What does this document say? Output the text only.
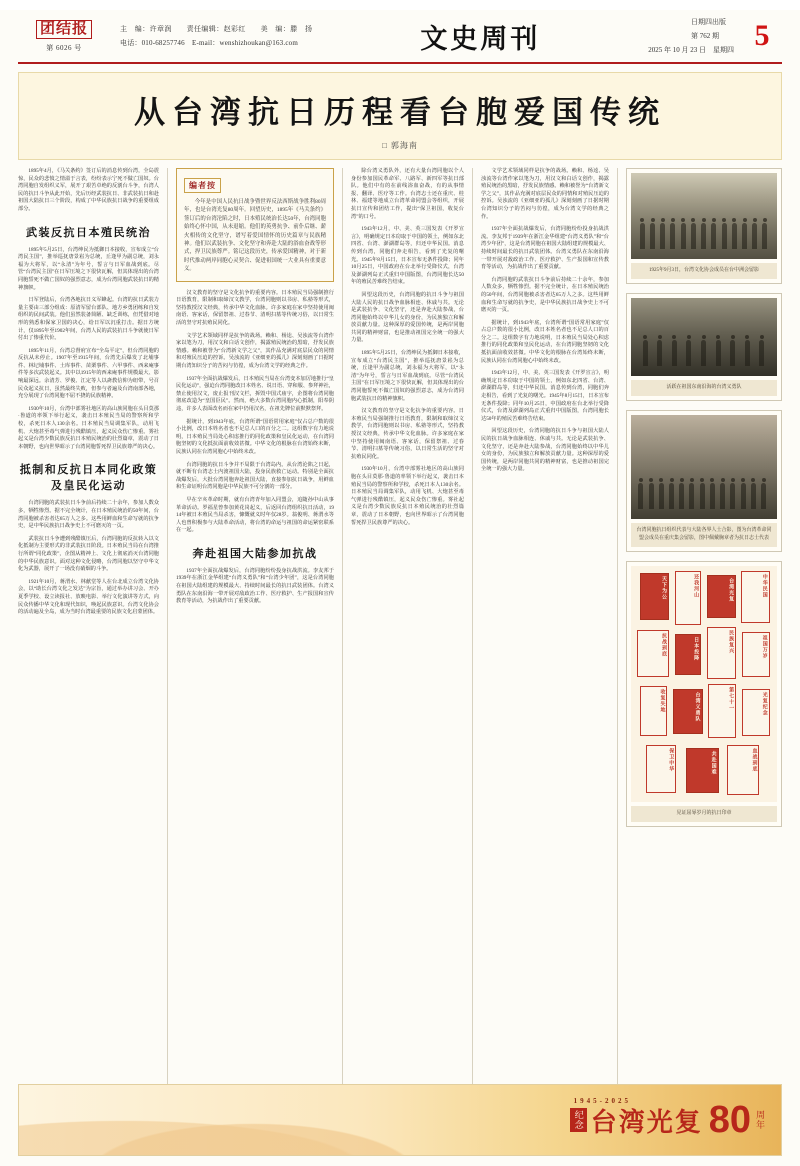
团结报
第 6026 号
主　编：许章润　　责任编辑：赵彩红　　美　编：滕　扬
电话：010-68257746　E-mail：wenshizhoukan@163.com	文史周刊
日期四出版
第 762 期
2025 年 10 月 23 日　星期四 5
从台湾抗日历程看台胞爱国传统
□ 郭海南

1895年4月，《马关条约》签订后的消息传到台湾，全岛震惊，民众的悲愤之情溢于言表，纷纷表示宁死不做亡国奴。台湾同胞自发组织义军，展开了艰苦卓绝的反割台斗争，台湾人民的抗日斗争从此开始，先后历经武装抗日、非武装抗日和赴祖国大陆抗日三个阶段，构成了中华民族抗日战争的重要组成部分。

武装反抗日本殖民统治

1895年5月25日，台湾绅民为抵御日本接收，宣布成立“台湾民主国”，推举巡抚唐景崧为总统，丘逢甲为副总统，刘永福为大将军，以“永清”为年号，誓言与日军血战到底。尽管“台湾民主国”在日军压境之下很快瓦解，但其体现出的台湾同胞誓死不做亡国奴的强烈意志，成为台湾同胞武装抗日的精神旗帜。

日军登陆后，台湾各地抗日义军蜂起。台湾的抗日武装力量主要由三部分组成：原清军留台部队、地方乡勇团练和自发组织的民间武装。他们虽然装备简陋、缺乏训练，但凭借对地形的熟悉和保家卫国的决心，给日军以沉重打击。据日方统计，仅1895年至1902年间，台湾人民的武装抗日斗争就使日军付出了惨重代价。

1895年11月，台湾总督府宣布“全岛平定”，但台湾同胞的反抗从未停止。1907年至1915年间，台湾先后爆发了北埔事件、林圮埔事件、土库事件、苗栗事件、六甲事件、西来庵事件等多次武装起义。其中以1915年的西来庵事件规模最大、影响最深远。余清芳、罗俊、江定等人以斋教信仰为纽带，号召民众起义抗日，虽然最终失败，但参与者遍及台湾南部各地，充分展现了台湾同胞不屈不挠的民族精神。

1930年10月，台湾中部雾社地区的高山族同胞在头目莫那·鲁道的率领下举行起义，袭击日本殖民当局的警察所和学校，杀死日本人130余名。日本殖民当局调集军队，动用飞机、大炮甚至毒气弹进行残酷镇压，起义民众伤亡惨重。雾社起义是台湾少数民族反抗日本殖民统治的壮烈篇章，震动了日本朝野，也向世界昭示了台湾同胞誓死捍卫民族尊严的决心。

抵制和反抗日本同化政策及皇民化运动

台湾同胞的武装抗日斗争前后持续二十余年，参加人数众多，牺牲惨烈。据不完全统计，在日本殖民统治的50年间，台湾同胞被杀害者达65万人之多。这些用鲜血和生命写就的抗争史，是中华民族抗日战争史上不可磨灭的一页。

武装抗日斗争遭到残酷镇压后，台湾同胞的反抗转入以文化抵制为主要形式的非武装抗日阶段。日本殖民当局在台湾推行所谓“同化政策”，企图从精神上、文化上彻底消灭台湾同胞的中华民族意识。面对这种文化侵略，台湾同胞以坚守中华文化为武器，展开了一场没有硝烟的斗争。

1921年10月，蒋渭水、林献堂等人在台北成立台湾文化协会，以“助长台湾文化之发达”为宗旨，通过举办讲习会、开办夏季学校、设立读报社、放映电影、举行文化演讲等方式，向民众传播中华文化和现代知识，唤起民族意识。台湾文化协会的活动遍及全岛，成为当时台湾最重要的民族文化启蒙团体。

编者按
今年是中国人民抗日战争暨世界反法西斯战争胜利80周年，也是台湾光复80周年。回望历史，1895年《马关条约》签订后的台湾沦陷之时，日本殖民统治长达50年，台湾同胞始终心怀中国，从未退缩。他们的英勇抗争、前仆后继、薪火相传的文化坚守，谱写着爱国情怀的历史篇章与民族精神。他们以武装抗争、文化坚守和奔赴大陆的浴血奋战等形式，捍卫民族尊严。铭记这段历史，传承爱国精神，对于新时代推动两岸同胞心灵契合、促进祖国统一大业具有重要意义。

汉文教育的坚守是文化抗争的重要内容。日本殖民当局强制推行日语教育，限制和取缔汉文教学，台湾同胞则以书房、私塾等形式，坚持教授汉文经典，传承中华文化血脉。许多家庭在家中坚持使用闽南语、客家话，保留祭祖、过春节、清明扫墓等传统习俗，以日常生活的坚守对抗殖民同化。

文学艺术领域同样是抗争的战场。赖和、杨逵、吴浊流等台湾作家以笔为刀，用汉文和白话文创作，揭露殖民统治的黑暗，抒发民族情感。赖和被誉为“台湾新文学之父”，其作品充满对底层民众的同情和对殖民压迫的控诉。吴浊流的《亚细亚的孤儿》深刻刻画了日据时期台湾知识分子的苦闷与彷徨，成为台湾文学的经典之作。

1937年全面抗战爆发后，日本殖民当局在台湾变本加厉地推行“皇民化运动”，强迫台湾同胞改日本姓名、说日语、穿和服、参拜神社，禁止使用汉文，废止报刊汉文栏，拆毁中国式庙宇，企图将台湾同胞彻底改造为“皇国臣民”。然而，绝大多数台湾同胞内心抵制，阳奉阴违，许多人表面改名而在家中仍用汉名，在祖先牌位前默默祭拜。

据统计，到1943年底，台湾所谓“国语常用家庭”仅占总户数的很小比例，改日本姓名者也不足总人口的百分之二。这组数字有力地说明，日本殖民当局处心积虑推行的同化政策和皇民化运动，在台湾同胞坚韧的文化抵抗面前收效甚微。中华文化的根脉在台湾始终未断，民族认同在台湾同胞心中始终未改。

台湾同胞的抗日斗争并不局限于台湾岛内。从台湾沦陷之日起，就不断有台湾志士内渡祖国大陆，投身民族救亡运动。特别是全面抗战爆发后，大批台湾同胞奔赴祖国大陆，直接参加抗日战争，用鲜血和生命证明台湾同胞是中华民族不可分割的一部分。

早在辛亥革命时期，就有台湾青年加入同盟会，追随孙中山从事革命活动。罗福星曾参加黄花岗起义，后返回台湾组织抗日活动，1914年被日本殖民当局杀害，慷慨就义时年仅28岁。翁俊明、蒋渭水等人也曾积极参与大陆革命活动，将台湾的命运与祖国的命运紧密联系在一起。

奔赴祖国大陆参加抗战

1937年全面抗战爆发后，台湾同胞纷纷投身抗战洪流。李友邦于1939年在浙江金华组建“台湾义勇队”和“台湾少年团”，这是台湾同胞在祖国大陆组建的规模最大、持续时间最长的抗日武装团体。台湾义勇队在东南沿海一带开展对敌政治工作、医疗救护、生产报国和宣传教育等活动，为抗战作出了重要贡献。

除台湾义勇队外，还有大量台湾同胞以个人身份参加国民革命军、八路军、新四军等抗日部队。他们中有的在前线浴血奋战，有的从事情报、翻译、医疗等工作。台湾志士还在重庆、桂林、福建等地成立台湾革命同盟会等组织，开展抗日宣传和团结工作，提出“保卫祖国，收复台湾”的口号。

1943年12月，中、美、英三国发表《开罗宣言》，明确规定日本窃取于中国的领土，例如东北四省、台湾、澎湖群岛等，归还中华民国。消息传到台湾，同胞们奔走相告，看到了光复的曙光。1945年8月15日，日本宣布无条件投降；同年10月25日，中国政府在台北举行受降仪式，台湾及澎湖列岛正式重归中国版图，台湾同胞长达50年的殖民苦难终告结束。

回望这段历史，台湾同胞的抗日斗争与祖国大陆人民的抗日战争血脉相连、休戚与共。无论是武装抗争、文化坚守，还是奔赴大陆参战，台湾同胞始终以中华儿女的身份，为民族独立和解放贡献力量。这种深厚的爱国传统，是两岸同胞共同的精神财富，也是推动祖国完全统一的强大力量。

1895年5月25日，台湾绅民为抵御日本接收，宣布成立“台湾民主国”，推举巡抚唐景崧为总统，丘逢甲为副总统，刘永福为大将军，以“永清”为年号，誓言与日军血战到底。尽管“台湾民主国”在日军压境之下很快瓦解，但其体现出的台湾同胞誓死不做亡国奴的强烈意志，成为台湾同胞武装抗日的精神旗帜。

汉文教育的坚守是文化抗争的重要内容。日本殖民当局强制推行日语教育，限制和取缔汉文教学，台湾同胞则以书房、私塾等形式，坚持教授汉文经典，传承中华文化血脉。许多家庭在家中坚持使用闽南语、客家话，保留祭祖、过春节、清明扫墓等传统习俗，以日常生活的坚守对抗殖民同化。

1930年10月，台湾中部雾社地区的高山族同胞在头目莫那·鲁道的率领下举行起义，袭击日本殖民当局的警察所和学校，杀死日本人130余名。日本殖民当局调集军队，动用飞机、大炮甚至毒气弹进行残酷镇压，起义民众伤亡惨重。雾社起义是台湾少数民族反抗日本殖民统治的壮烈篇章，震动了日本朝野，也向世界昭示了台湾同胞誓死捍卫民族尊严的决心。

文学艺术领域同样是抗争的战场。赖和、杨逵、吴浊流等台湾作家以笔为刀，用汉文和白话文创作，揭露殖民统治的黑暗，抒发民族情感。赖和被誉为“台湾新文学之父”，其作品充满对底层民众的同情和对殖民压迫的控诉。吴浊流的《亚细亚的孤儿》深刻刻画了日据时期台湾知识分子的苦闷与彷徨，成为台湾文学的经典之作。

1937年全面抗战爆发后，台湾同胞纷纷投身抗战洪流。李友邦于1939年在浙江金华组建“台湾义勇队”和“台湾少年团”，这是台湾同胞在祖国大陆组建的规模最大、持续时间最长的抗日武装团体。台湾义勇队在东南沿海一带开展对敌政治工作、医疗救护、生产报国和宣传教育等活动，为抗战作出了重要贡献。

台湾同胞的武装抗日斗争前后持续二十余年，参加人数众多，牺牲惨烈。据不完全统计，在日本殖民统治的50年间，台湾同胞被杀害者达65万人之多。这些用鲜血和生命写就的抗争史，是中华民族抗日战争史上不可磨灭的一页。

据统计，到1943年底，台湾所谓“国语常用家庭”仅占总户数的很小比例，改日本姓名者也不足总人口的百分之二。这组数字有力地说明，日本殖民当局处心积虑推行的同化政策和皇民化运动，在台湾同胞坚韧的文化抵抗面前收效甚微。中华文化的根脉在台湾始终未断，民族认同在台湾同胞心中始终未改。

1943年12月，中、美、英三国发表《开罗宣言》，明确规定日本窃取于中国的领土，例如东北四省、台湾、澎湖群岛等，归还中华民国。消息传到台湾，同胞们奔走相告，看到了光复的曙光。1945年8月15日，日本宣布无条件投降；同年10月25日，中国政府在台北举行受降仪式，台湾及澎湖列岛正式重归中国版图，台湾同胞长达50年的殖民苦难终告结束。

回望这段历史，台湾同胞的抗日斗争与祖国大陆人民的抗日战争血脉相连、休戚与共。无论是武装抗争、文化坚守，还是奔赴大陆参战，台湾同胞始终以中华儿女的身份，为民族独立和解放贡献力量。这种深厚的爱国传统，是两岸同胞共同的精神财富，也是推动祖国完全统一的强大力量。

1925年9月3日，台湾文化协会成员在台中洲会留影
活跃在祖国东南沿海的台湾义勇队
台湾同胞抗日组织代表与大陆各界人士合影，图为台湾革命同盟会成员在重庆集会留影，图中佩戴胸章者为抗日志士代表
天下为公	还我河山	台湾光复	中华民国
抗战到底	日本投降	民族复兴	祖国万岁
收复失地	台湾义勇队	第七十一	光复纪念
保卫中华	共赴国难	血战到底
见证屈辱岁月的抗日印章
1945-2025
纪念 台湾光复 80 周年
